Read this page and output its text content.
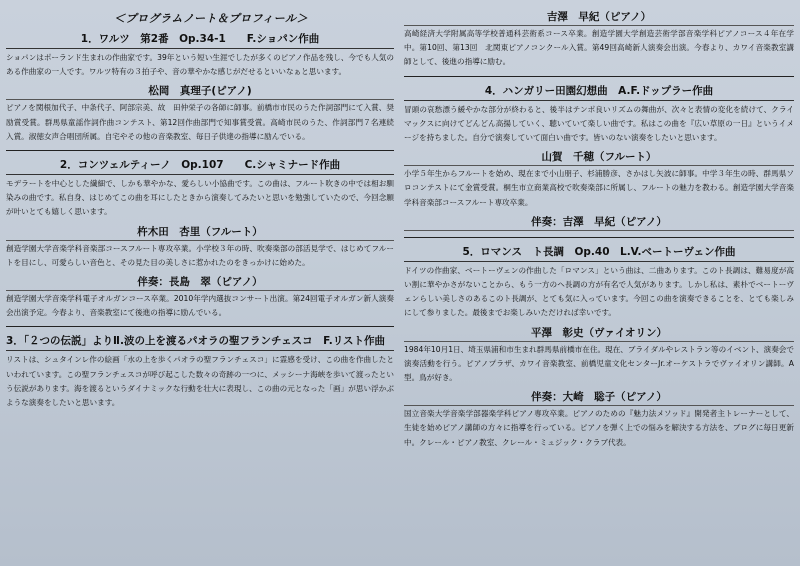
＜プログラムノート＆プロフィール＞
1．ワルツ　第2番　Op.34-1　　F.ショパン作曲
ショパンはポーランド生まれの作曲家です。39年という短い生涯でしたが多くのピアノ作品を残し、今でも人気のある作曲家の一人です。ワルツ特有の３拍子や、音の華やかな感じがだせるといいなぁと思います。
松岡　真理子(ピアノ)
ピアノを関根加代子、中条代子、阿部宗美、故　田仲栄子の各師に師事。前橋市市民のうた作詞部門にて入賞、奨励賞受賞。群馬県童謡作詞作曲コンテスト、第12回作曲部門で知事賞受賞。高崎市民のうた、作詞部門７名連続入賞。淑徳女声合唱団所属。自宅やその他の音楽教室、毎日子供達の指導に励んでいる。
2．コンツェルティーノ　Op.107　　C.シャミナード作曲
モデラートを中心とした繊細で、しかも華やかな、愛らしい小協曲です。この曲は、フルート吹きの中では相お馴染みの曲です。私自身、はじめてこの曲を耳にしたときから演奏してみたいと思いを勉強していたので、今回念願が叶いとても嬉しく思います。
杵木田　杏里（フルート）
創造学園大学音楽学科音楽部コースフルート専攻卒業。小学校３年の時、吹奏楽部の部活見学で、はじめてフルートを目にし、可愛らしい音色と、その見た目の美しさに惹かれたのをきっかけに始めた。
伴奏：長島　翠（ピアノ）
創造学園大学音楽学科電子オルガンコース卒業。2010年学内選抜コンサート出演。第24回電子オルガン新人演奏会出演予定。今春より、音楽教室にて後進の指導に励んでいる。
3．「２つの伝説」よりⅡ.波の上を渡るパオラの聖フランチェスコ　F.リスト作曲
リストは、シュタインレ作の絵画「水の上を歩くパオラの聖フランチェスコ」に霊感を受け、この曲を作曲したといわれています。この聖フランチェスコが呼び起こした数々の奇跡の一つに、メッシーナ海峡を歩いて渡ったという伝説があります。海を渡るというダイナミックな行動を壮大に表現し、この曲の元となった「画」が思い浮かぶような演奏をしたいと思います。
吉澤　早紀（ピアノ）
高崎経済大学附属高等学校普通科芸術系コース卒業。創造学園大学創造芸術学部音楽学科ピアノコース４年在学中。第10回、第13回　北関東ピアノコンクール入賞。第49回高崎新人演奏会出演。今春より、カワイ音楽教室講師として、後進の指導に励む。
4．ハンガリー田園幻想曲　A.F.ドップラー作曲
冒頭の哀愁漂う緩やかな部分が終わると、後半はテンポ良いリズムの舞曲が、次々と表情の変化を続けて、クライマックスに向けてどんどん高揚していく、聴いていて楽しい曲です。私はこの曲を『広い草原の一日』というイメージを持ちました。自分で演奏していて面白い曲です。皆いのない演奏をしたいと思います。
山賀　千穂（フルート）
小学５年生からフルートを始め、現在まで小山朋子、杉浦勝彦、さかはし矢波に師事。中学３年生の時、群馬県ソロコンテストにて金賞受賞。桐生市立商業高校で吹奏楽部に所属し、フルートの魅力を教わる。創造学園大学音楽学科音楽部コースフルート専攻卒業。
伴奏：吉澤　早紀（ピアノ）
5．ロマンス　ト長調　Op.40　L.V.ベートーヴェン作曲
ドイツの作曲家、ベートーヴェンの作曲した「ロマンス」という曲は、二曲あります。このト長調は、難易度が高い割に華やかさがないことから、もう一方のヘ長調の方が有名で人気があります。しかし私は、素朴でベートーヴェンらしい美しさのあるこのト長調が、とても気に入っています。今回この曲を演奏できることを、とても楽しみにして参りました。最後までお楽しみいただければ幸いです。
平澤　彰史（ヴァイオリン）
1984年10月1日、埼玉県浦和市生まれ群馬県前橋市在住。現在、ブライダルやレストラン等のイベント、演奏会で演奏活動を行う。ピアノプラザ、カワイ音楽教室、前橋児童文化センターJr.オーケストラでヴァイオリン講師。A型。鳥が好き。
伴奏：大崎　聡子（ピアノ）
国立音楽大学音楽学部器楽学科ピアノ専攻卒業。ピアノのための『魅力法メソッド』開発者主トレーナーとして、生徒を始めピアノ講師の方々に指導を行っている。ピアノを弾く上での悩みを解決する方法を、ブログに毎日更新中。クレール・ピアノ教室、クレール・ミュジック・クラブ代表。
